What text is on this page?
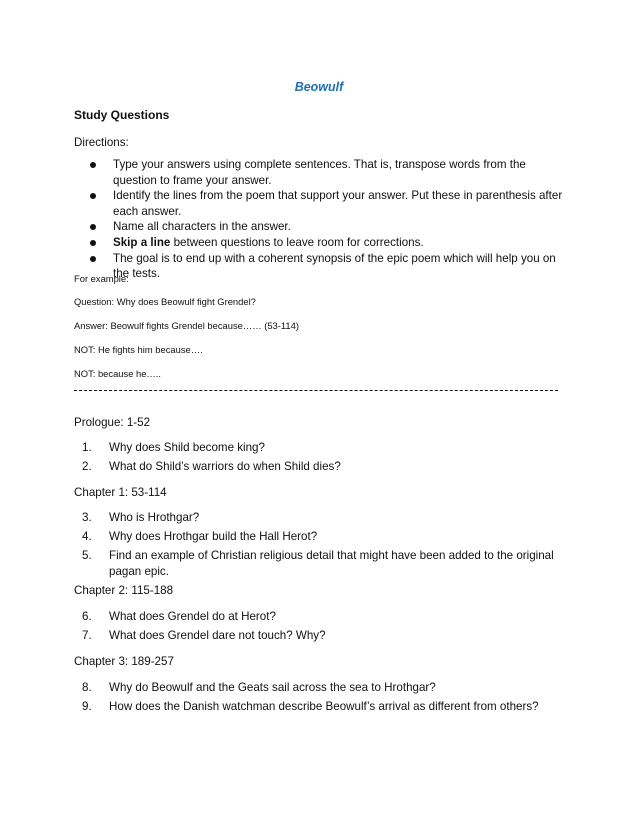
Beowulf
Study Questions
Directions:
Type your answers using complete sentences. That is, transpose words from the question to frame your answer.
Identify the lines from the poem that support your answer. Put these in parenthesis after each answer.
Name all characters in the answer.
Skip a line between questions to leave room for corrections.
The goal is to end up with a coherent synopsis of the epic poem which will help you on the tests.
For example:
Question: Why does Beowulf fight Grendel?
Answer: Beowulf fights Grendel because…… (53-114)
NOT: He fights him because….
NOT: because he…..
Prologue: 1-52
1. Why does Shild become king?
2. What do Shild’s warriors do when Shild dies?
Chapter 1: 53-114
3. Who is Hrothgar?
4. Why does Hrothgar build the Hall Herot?
5. Find an example of Christian religious detail that might have been added to the original pagan epic.
Chapter 2: 115-188
6. What does Grendel do at Herot?
7. What does Grendel dare not touch? Why?
Chapter 3: 189-257
8. Why do Beowulf and the Geats sail across the sea to Hrothgar?
9. How does the Danish watchman describe Beowulf’s arrival as different from others?
